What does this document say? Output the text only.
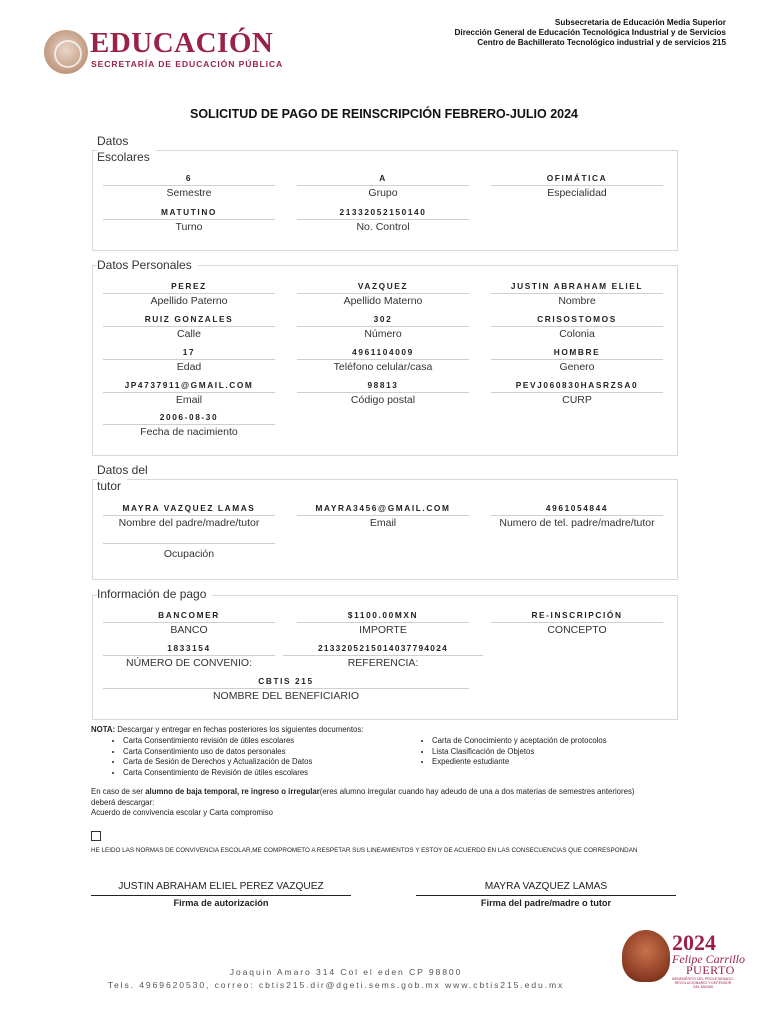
EDUCACIÓN
SECRETARÍA DE EDUCACIÓN PÚBLICA
Subsecretaria de Educación Media Superior
Dirección General de Educación Tecnológica Industrial y de Servicios
Centro de Bachillerato Tecnológico industrial y de servicios 215
SOLICITUD DE PAGO DE REINSCRIPCIÓN FEBRERO-JULIO 2024
Datos
Escolares
6
Semestre
A
Grupo
OFIMÁTICA
Especialidad
MATUTINO
Turno
21332052150140
No. Control
Datos Personales
PEREZ
Apellido Paterno
VAZQUEZ
Apellido Materno
JUSTIN ABRAHAM ELIEL
Nombre
RUIZ GONZALES
Calle
302
Número
CRISOSTOMOS
Colonia
17
Edad
4961104009
Teléfono celular/casa
HOMBRE
Genero
JP4737911@GMAIL.COM
Email
98813
Código postal
PEVJ060830HASRZSA0
CURP
2006-08-30
Fecha de nacimiento
Datos del
tutor
MAYRA VAZQUEZ LAMAS
Nombre del padre/madre/tutor
MAYRA3456@GMAIL.COM
Email
4961054844
Numero de tel. padre/madre/tutor
Ocupación
Información de pago
BANCOMER
BANCO
$1100.00MXN
IMPORTE
RE-INSCRIPCIÓN
CONCEPTO
1833154
NÚMERO DE CONVENIO:
21332052150140377940​24
REFERENCIA:
CBTIS 215
NOMBRE DEL BENEFICIARIO
NOTA: Descargar y entregar en fechas posteriores los siguientes documentos:
• Carta Consentimiento revisión de útiles escolares
• Carta Consentimiento uso de datos personales
• Carta de Sesión de Derechos y Actualización de Datos
• Carta Consentimiento de Revisión de útiles escolares
• Carta de Conocimiento y aceptación de protocolos
• Lista Clasificación de Objetos
• Expediente estudiante
En caso de ser alumno de baja temporal, re ingreso o irregular(eres alumno irregular cuando hay adeudo de una a dos materias de semestres anteriores)
deberá descargar:
Acuerdo de convivencia escolar y Carta compromiso
HE LEIDO LAS NORMAS DE CONVIVENCIA ESCOLAR,ME COMPROMETO A RESPETAR SUS LINEAMIENTOS Y ESTOY DE ACUERDO EN LAS CONSECUENCIAS QUE CORRESPONDAN
JUSTIN ABRAHAM ELIEL PEREZ VAZQUEZ
Firma de autorización
MAYRA VAZQUEZ LAMAS
Firma del padre/madre o tutor
Joaquin Amaro 314 Col el eden CP 98800
Tels. 4969620530, correo: cbtis215.dir@dgeti.sems.gob.mx www.cbtis215.edu.mx
2024
Felipe Carrillo
PUERTO
BENEMÉRITO DEL PROLETARIADO, REVOLUCIONARIO Y DEFENSOR DEL MAYAB
